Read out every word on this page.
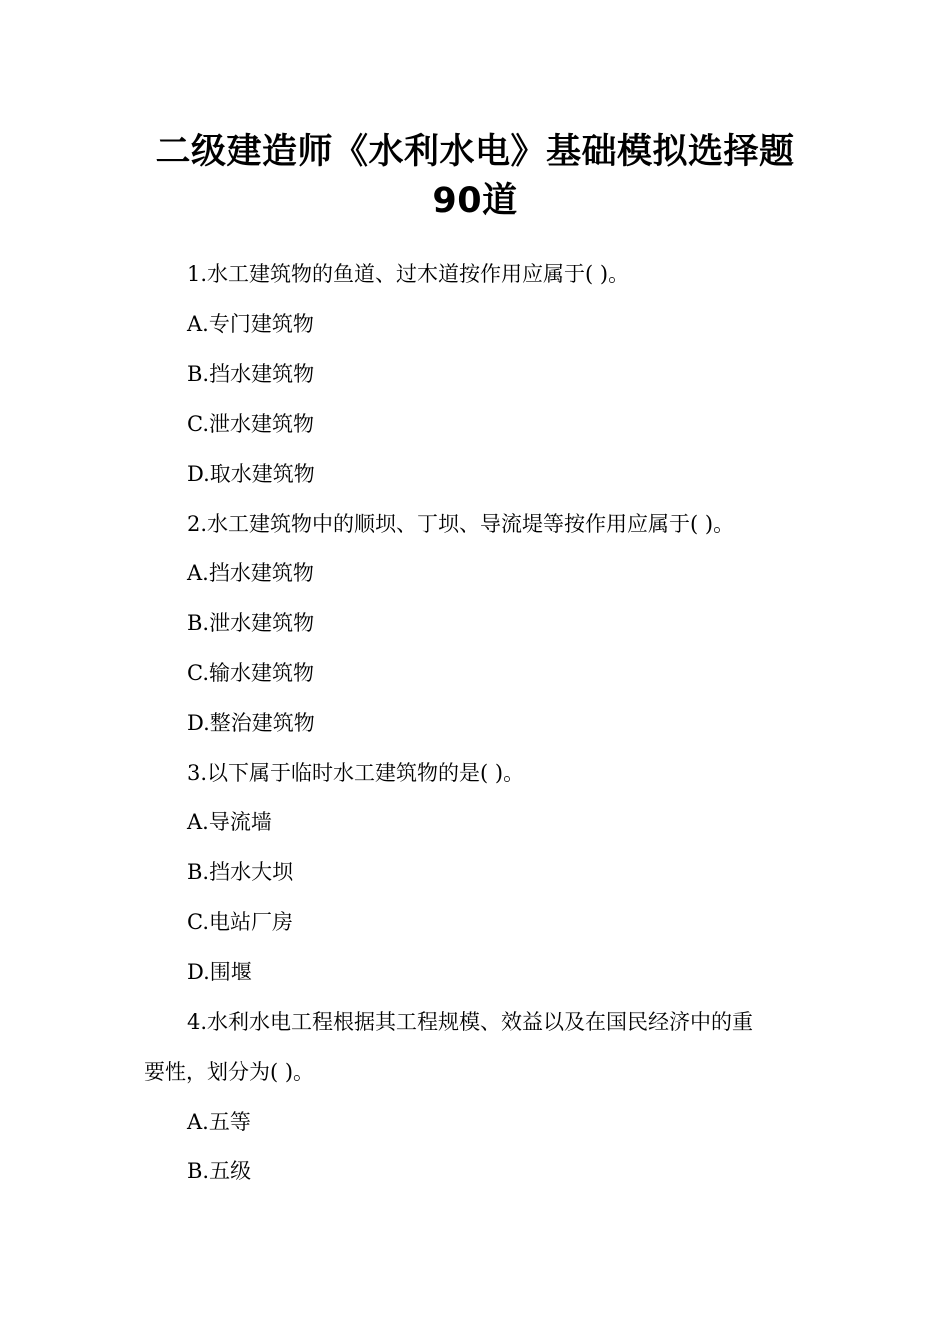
二级建造师《水利水电》基础模拟选择题
90道
1.水工建筑物的鱼道、过木道按作用应属于( )。
A.专门建筑物
B.挡水建筑物
C.泄水建筑物
D.取水建筑物
2.水工建筑物中的顺坝、丁坝、导流堤等按作用应属于( )。
A.挡水建筑物
B.泄水建筑物
C.输水建筑物
D.整治建筑物
3.以下属于临时水工建筑物的是( )。
A.导流墙
B.挡水大坝
C.电站厂房
D.围堰
4.水利水电工程根据其工程规模、效益以及在国民经济中的重
要性，划分为( )。
A.五等
B.五级
